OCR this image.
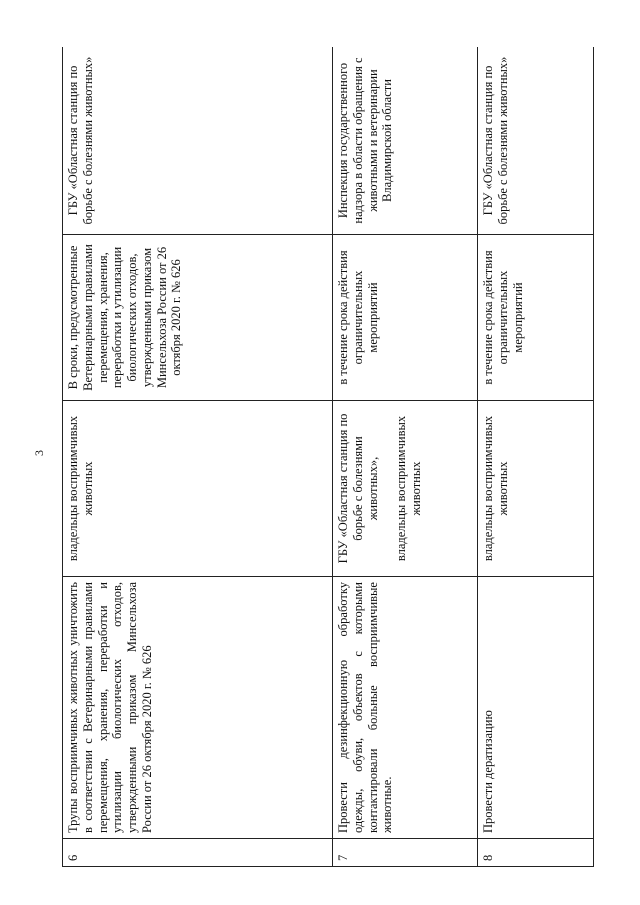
3
6	Трупы восприимчивых животных уничтожить в соответствии с Ветеринарными правилами перемещения, хранения, переработки и утилизации биологических отходов, утвержденными приказом Минсельхоза России от 26 октября 2020 г. № 626	владельцы восприимчивых животных	В сроки, предусмотренные Ветеринарными правилами перемещения, хранения, переработки и утилизации биологических отходов, утвержденными приказом Минсельхоза России от 26 октября 2020 г. № 626	ГБУ «Областная станция по борьбе с болезнями животных»
7	Провести дезинфекционную обработку одежды, обуви, объектов с которыми контактировали больные восприимчивые животные.	ГБУ «Областная станция по борьбе с болезнями животных», владельцы восприимчивых животных	в течение срока действия ограничительных мероприятий	Инспекция государственного надзора в области обращения с животными и ветеринарии Владимирской области
8	Провести дератизацию	владельцы восприимчивых животных	в течение срока действия ограничительных мероприятий	ГБУ «Областная станция по борьбе с болезнями животных»
